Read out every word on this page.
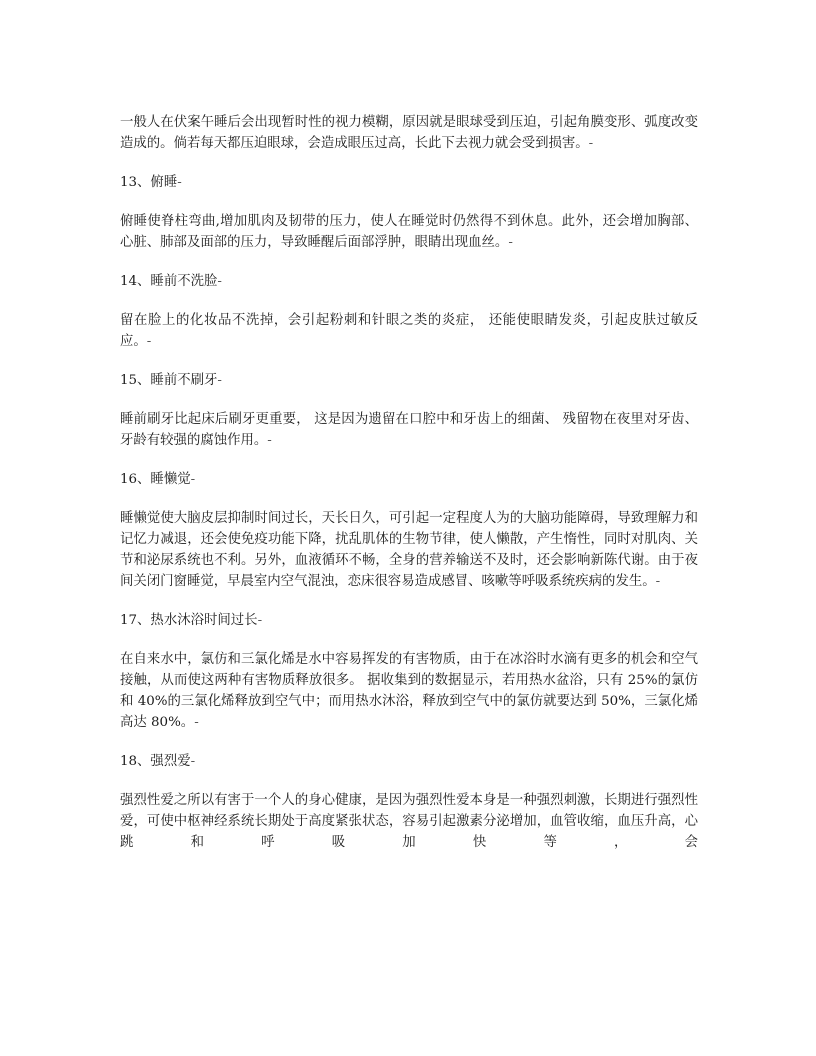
一般人在伏案午睡后会出现暂时性的视力模糊，原因就是眼球受到压迫，引起角膜变形、弧度改变造成的。倘若每天都压迫眼球，会造成眼压过高，长此下去视力就会受到损害。-

13、俯睡-

俯睡使脊柱弯曲,增加肌肉及韧带的压力，使人在睡觉时仍然得不到休息。此外，还会增加胸部、心脏、肺部及面部的压力，导致睡醒后面部浮肿，眼睛出现血丝。-

14、睡前不洗脸-

留在脸上的化妆品不洗掉，会引起粉刺和针眼之类的炎症， 还能使眼睛发炎，引起皮肤过敏反应。-

15、睡前不刷牙-

睡前刷牙比起床后刷牙更重要， 这是因为遗留在口腔中和牙齿上的细菌、 残留物在夜里对牙齿、牙龄有较强的腐蚀作用。-

16、睡懒觉-

睡懒觉使大脑皮层抑制时间过长，天长日久，可引起一定程度人为的大脑功能障碍，导致理解力和记忆力减退，还会使免疫功能下降，扰乱肌体的生物节律，使人懒散，产生惰性，同时对肌肉、关节和泌尿系统也不利。另外，血液循环不畅，全身的营养输送不及时，还会影响新陈代谢。由于夜间关闭门窗睡觉，早晨室内空气混浊，恋床很容易造成感冒、咳嗽等呼吸系统疾病的发生。-

17、热水沐浴时间过长-

在自来水中，氯仿和三氯化烯是水中容易挥发的有害物质，由于在冰浴时水滴有更多的机会和空气接触，从而使这两种有害物质释放很多。 据收集到的数据显示，若用热水盆浴，只有 25%的氯仿和 40%的三氯化烯释放到空气中；而用热水沐浴，释放到空气中的氯仿就要达到 50%，三氯化烯高达 80%。-

18、强烈爱-

强烈性爱之所以有害于一个人的身心健康，是因为强烈性爱本身是一种强烈刺激，长期进行强烈性爱，可使中枢神经系统长期处于高度紧张状态，容易引起激素分泌增加，血管收缩，血压升高，心跳和呼吸加快等，会
